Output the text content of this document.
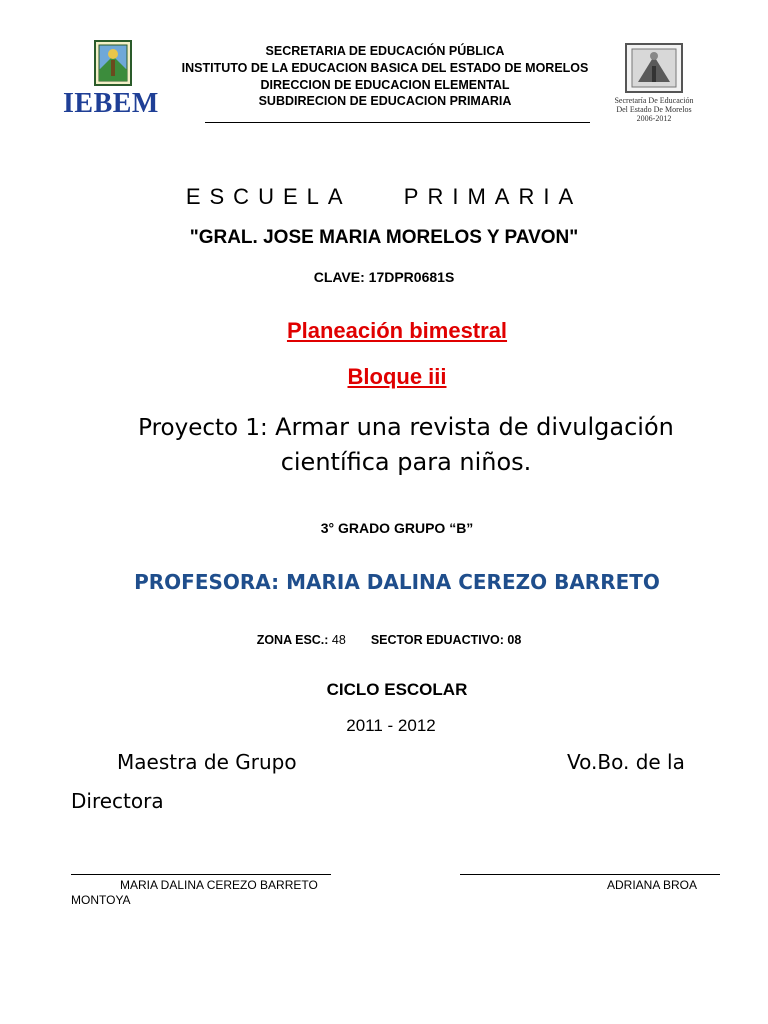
IEBEM
SECRETARIA DE EDUCACIÓN PÚBLICA
INSTITUTO DE LA EDUCACION BASICA DEL ESTADO DE MORELOS
DIRECCION DE EDUCACION ELEMENTAL
SUBDIRECION DE EDUCACION PRIMARIA	Secretaría De Educación
Del Estado De Morelos
2006-2012
ESCUELA PRIMARIA
"GRAL. JOSE MARIA MORELOS Y PAVON"
CLAVE: 17DPR0681S
Planeación bimestral
Bloque iii
Proyecto 1: Armar una revista de divulgación científica para niños.
3° GRADO GRUPO “B”
PROFESORA: MARIA DALINA CEREZO BARRETO
ZONA ESC.: 48 SECTOR EDUACTIVO: 08
CICLO ESCOLAR
2011 - 2012
Maestra de Grupo	Vo.Bo. de la
Directora
MARIA DALINA CEREZO BARRETO
MONTOYA
ADRIANA BROA
